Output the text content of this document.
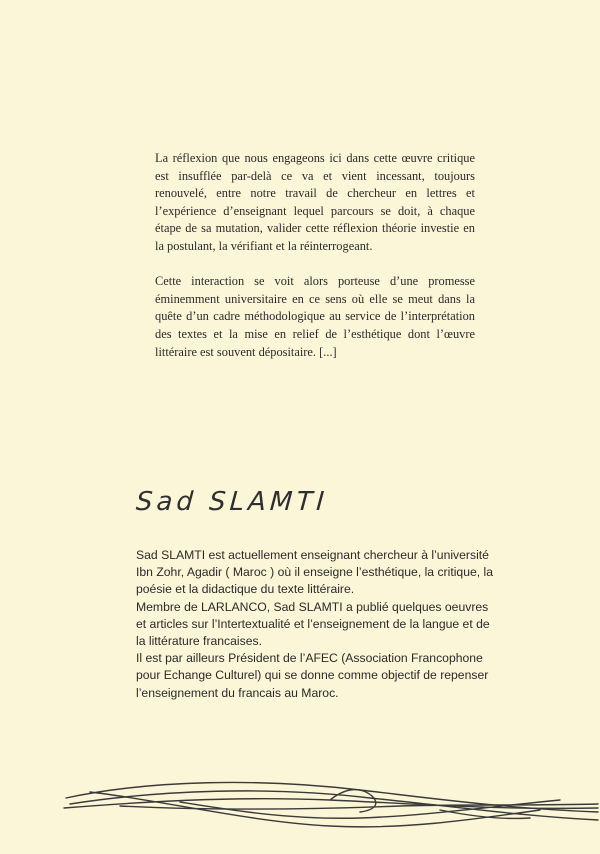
La réflexion que nous engageons ici dans cette œuvre critique est insufflée par-delà ce va et vient incessant, toujours renouvelé, entre notre travail de chercheur en lettres et l’expérience d’enseignant lequel parcours se doit, à chaque étape de sa mutation, valider cette réflexion théorie investie en la postulant, la vérifiant et la réinterrogeant.

Cette interaction se voit alors porteuse d’une promesse éminemment universitaire en ce sens où elle se meut dans la quête d’un cadre méthodologique au service de l’interprétation des textes et la mise en relief de l’esthétique dont l’œuvre littéraire est souvent dépositaire. [...]

Sad SLAMTI

Sad SLAMTI est actuellement enseignant chercheur à l’université Ibn Zohr, Agadir ( Maroc ) où il enseigne l’esthétique, la critique, la poésie et la didactique du texte littéraire.

Membre de LARLANCO, Sad SLAMTI a publié quelques oeuvres et articles sur l’Intertextualité et l’enseignement de la langue et de la littérature francaises.

Il est par ailleurs Président de l’AFEC (Association Francophone pour Echange Culturel) qui se donne comme objectif de repenser l’enseignement du francais au Maroc.
